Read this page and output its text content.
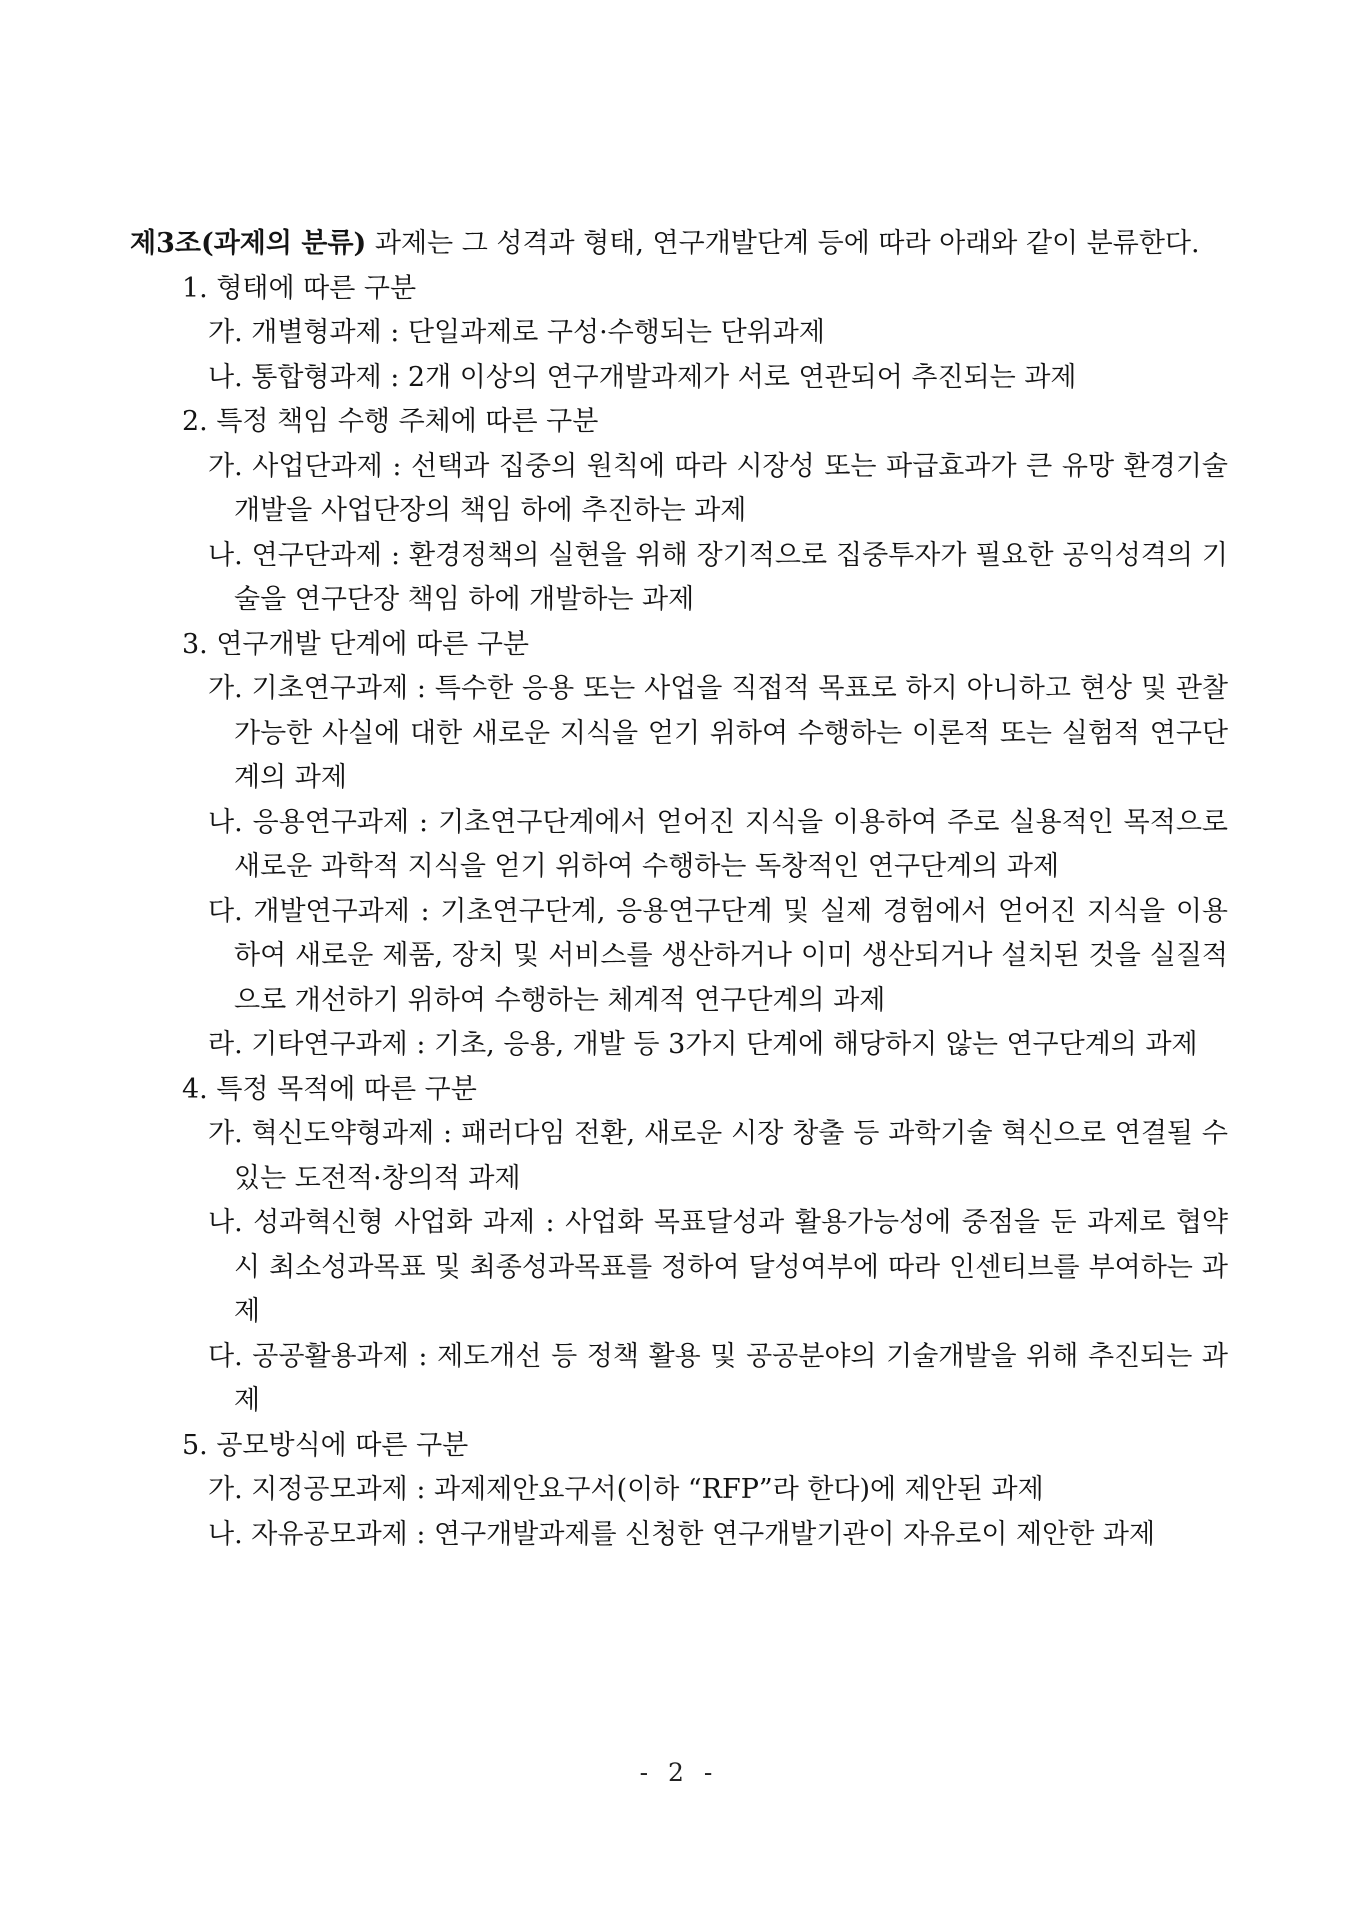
제3조(과제의 분류) 과제는 그 성격과 형태, 연구개발단계 등에 따라 아래와 같이 분류한다.

1. 형태에 따른 구분

가. 개별형과제 : 단일과제로 구성·수행되는 단위과제

나. 통합형과제 : 2개 이상의 연구개발과제가 서로 연관되어 추진되는 과제

2. 특정 책임 수행 주체에 따른 구분

가. 사업단과제 : 선택과 집중의 원칙에 따라 시장성 또는 파급효과가 큰 유망 환경기술개발을 사업단장의 책임 하에 추진하는 과제

나. 연구단과제 : 환경정책의 실현을 위해 장기적으로 집중투자가 필요한 공익성격의 기술을 연구단장 책임 하에 개발하는 과제

3. 연구개발 단계에 따른 구분

가. 기초연구과제 : 특수한 응용 또는 사업을 직접적 목표로 하지 아니하고 현상 및 관찰 가능한 사실에 대한 새로운 지식을 얻기 위하여 수행하는 이론적 또는 실험적 연구단계의 과제

나. 응용연구과제 : 기초연구단계에서 얻어진 지식을 이용하여 주로 실용적인 목적으로 새로운 과학적 지식을 얻기 위하여 수행하는 독창적인 연구단계의 과제

다. 개발연구과제 : 기초연구단계, 응용연구단계 및 실제 경험에서 얻어진 지식을 이용하여 새로운 제품, 장치 및 서비스를 생산하거나 이미 생산되거나 설치된 것을 실질적으로 개선하기 위하여 수행하는 체계적 연구단계의 과제

라. 기타연구과제 : 기초, 응용, 개발 등 3가지 단계에 해당하지 않는 연구단계의 과제

4. 특정 목적에 따른 구분

가. 혁신도약형과제 : 패러다임 전환, 새로운 시장 창출 등 과학기술 혁신으로 연결될 수 있는 도전적·창의적 과제

나. 성과혁신형 사업화 과제 : 사업화 목표달성과 활용가능성에 중점을 둔 과제로 협약 시 최소성과목표 및 최종성과목표를 정하여 달성여부에 따라 인센티브를 부여하는 과제

다. 공공활용과제 : 제도개선 등 정책 활용 및 공공분야의 기술개발을 위해 추진되는 과제

5. 공모방식에 따른 구분

가. 지정공모과제 : 과제제안요구서(이하 “RFP”라 한다)에 제안된 과제

나. 자유공모과제 : 연구개발과제를 신청한 연구개발기관이 자유로이 제안한 과제

- 2 -
